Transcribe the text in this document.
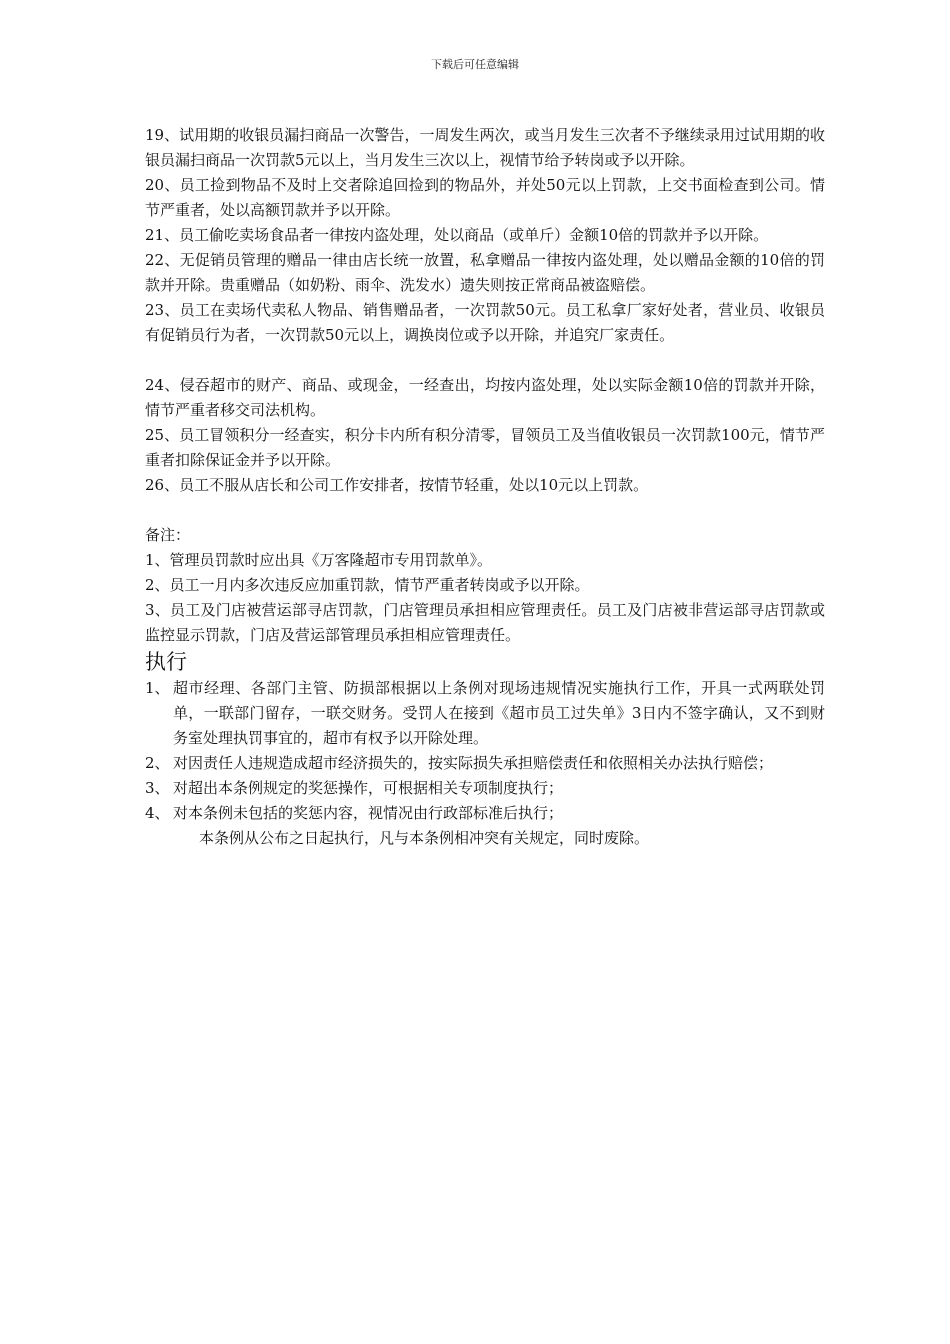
下载后可任意编辑

19、试用期的收银员漏扫商品一次警告，一周发生两次，或当月发生三次者不予继续录用过试用期的收银员漏扫商品一次罚款5元以上，当月发生三次以上，视情节给予转岗或予以开除。

20、员工捡到物品不及时上交者除追回捡到的物品外，并处50元以上罚款，上交书面检查到公司。情节严重者，处以高额罚款并予以开除。

21、员工偷吃卖场食品者一律按内盗处理，处以商品（或单斤）金额10倍的罚款并予以开除。

22、无促销员管理的赠品一律由店长统一放置，私拿赠品一律按内盗处理，处以赠品金额的10倍的罚款并开除。贵重赠品（如奶粉、雨伞、洗发水）遗失则按正常商品被盗赔偿。

23、员工在卖场代卖私人物品、销售赠品者，一次罚款50元。员工私拿厂家好处者，营业员、收银员有促销员行为者，一次罚款50元以上，调换岗位或予以开除，并追究厂家责任。

24、侵吞超市的财产、商品、或现金，一经查出，均按内盗处理，处以实际金额10倍的罚款并开除，情节严重者移交司法机构。

25、员工冒领积分一经查实，积分卡内所有积分清零，冒领员工及当值收银员一次罚款100元，情节严重者扣除保证金并予以开除。

26、员工不服从店长和公司工作安排者，按情节轻重，处以10元以上罚款。

备注：

1、管理员罚款时应出具《万客隆超市专用罚款单》。

2、员工一月内多次违反应加重罚款，情节严重者转岗或予以开除。

3、员工及门店被营运部寻店罚款，门店管理员承担相应管理责任。员工及门店被非营运部寻店罚款或监控显示罚款，门店及营运部管理员承担相应管理责任。

执行

1、 超市经理、各部门主管、防损部根据以上条例对现场违规情况实施执行工作，开具一式两联处罚单，一联部门留存，一联交财务。受罚人在接到《超市员工过失单》3日内不签字确认，又不到财务室处理执罚事宜的，超市有权予以开除处理。
2、 对因责任人违规造成超市经济损失的，按实际损失承担赔偿责任和依照相关办法执行赔偿；
3、 对超出本条例规定的奖惩操作，可根据相关专项制度执行；
4、 对本条例未包括的奖惩内容，视情况由行政部标准后执行；

本条例从公布之日起执行，凡与本条例相冲突有关规定，同时废除。
